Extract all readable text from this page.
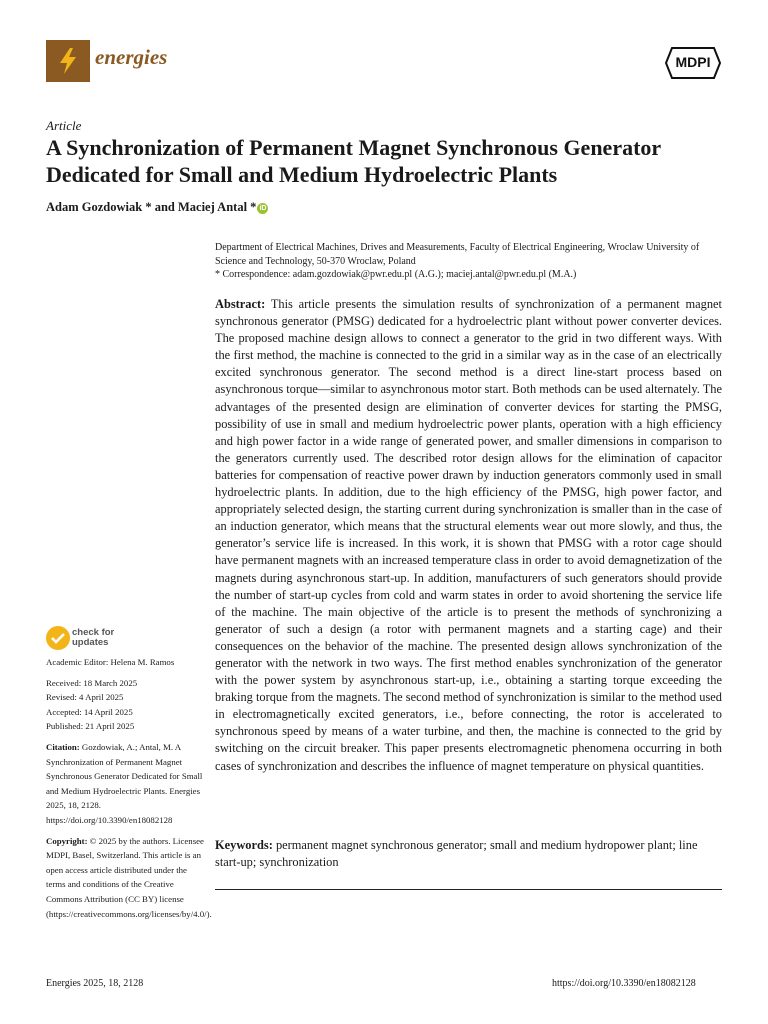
energies	MDPI
Article
A Synchronization of Permanent Magnet Synchronous Generator Dedicated for Small and Medium Hydroelectric Plants
Adam Gozdowiak * and Maciej Antal * iD

Department of Electrical Machines, Drives and Measurements, Faculty of Electrical Engineering, Wroclaw University of Science and Technology, 50-370 Wroclaw, Poland

* Correspondence: adam.gozdowiak@pwr.edu.pl (A.G.); maciej.antal@pwr.edu.pl (M.A.)

Abstract: This article presents the simulation results of synchronization of a permanent magnet synchronous generator (PMSG) dedicated for a hydroelectric plant without power converter devices. The proposed machine design allows to connect a generator to the grid in two different ways. With the first method, the machine is connected to the grid in a similar way as in the case of an electrically excited synchronous generator. The second method is a direct line-start process based on asynchronous torque—similar to asynchronous motor start. Both methods can be used alternately. The advantages of the presented design are elimination of converter devices for starting the PMSG, possibility of use in small and medium hydroelectric power plants, operation with a high efficiency and high power factor in a wide range of generated power, and smaller dimensions in comparison to the generators currently used. The described rotor design allows for the elimination of capacitor batteries for compensation of reactive power drawn by induction generators commonly used in small hydroelectric plants. In addition, due to the high efficiency of the PMSG, high power factor, and appropriately selected design, the starting current during synchronization is smaller than in the case of an induction generator, which means that the structural elements wear out more slowly, and thus, the generator’s service life is increased. In this work, it is shown that PMSG with a rotor cage should have permanent magnets with an increased temperature class in order to avoid demagnetization of the magnets during asynchronous start-up. In addition, manufacturers of such generators should provide the number of start-up cycles from cold and warm states in order to avoid shortening the service life of the machine. The main objective of the article is to present the methods of synchronizing a generator of such a design (a rotor with permanent magnets and a starting cage) and their consequences on the behavior of the machine. The presented design allows synchronization of the generator with the network in two ways. The first method enables synchronization of the generator with the power system by asynchronous start-up, i.e., obtaining a starting torque exceeding the braking torque from the magnets. The second method of synchronization is similar to the method used in electromagnetically excited generators, i.e., before connecting, the rotor is accelerated to synchronous speed by means of a water turbine, and then, the machine is connected to the grid by switching on the circuit breaker. This paper presents electromagnetic phenomena occurring in both cases of synchronization and describes the influence of magnet temperature on physical quantities.

Keywords: permanent magnet synchronous generator; small and medium hydropower plant; line start-up; synchronization
check for
updates

Academic Editor: Helena M. Ramos

Received: 18 March 2025

Revised: 4 April 2025

Accepted: 14 April 2025

Published: 21 April 2025

Citation: Gozdowiak, A.; Antal, M. A Synchronization of Permanent Magnet Synchronous Generator Dedicated for Small and Medium Hydroelectric Plants. Energies 2025, 18, 2128. https://doi.org/10.3390/en18082128

Copyright: © 2025 by the authors. Licensee MDPI, Basel, Switzerland. This article is an open access article distributed under the terms and conditions of the Creative Commons Attribution (CC BY) license (https://creativecommons.org/licenses/by/4.0/).

Energies 2025, 18, 2128	https://doi.org/10.3390/en18082128
